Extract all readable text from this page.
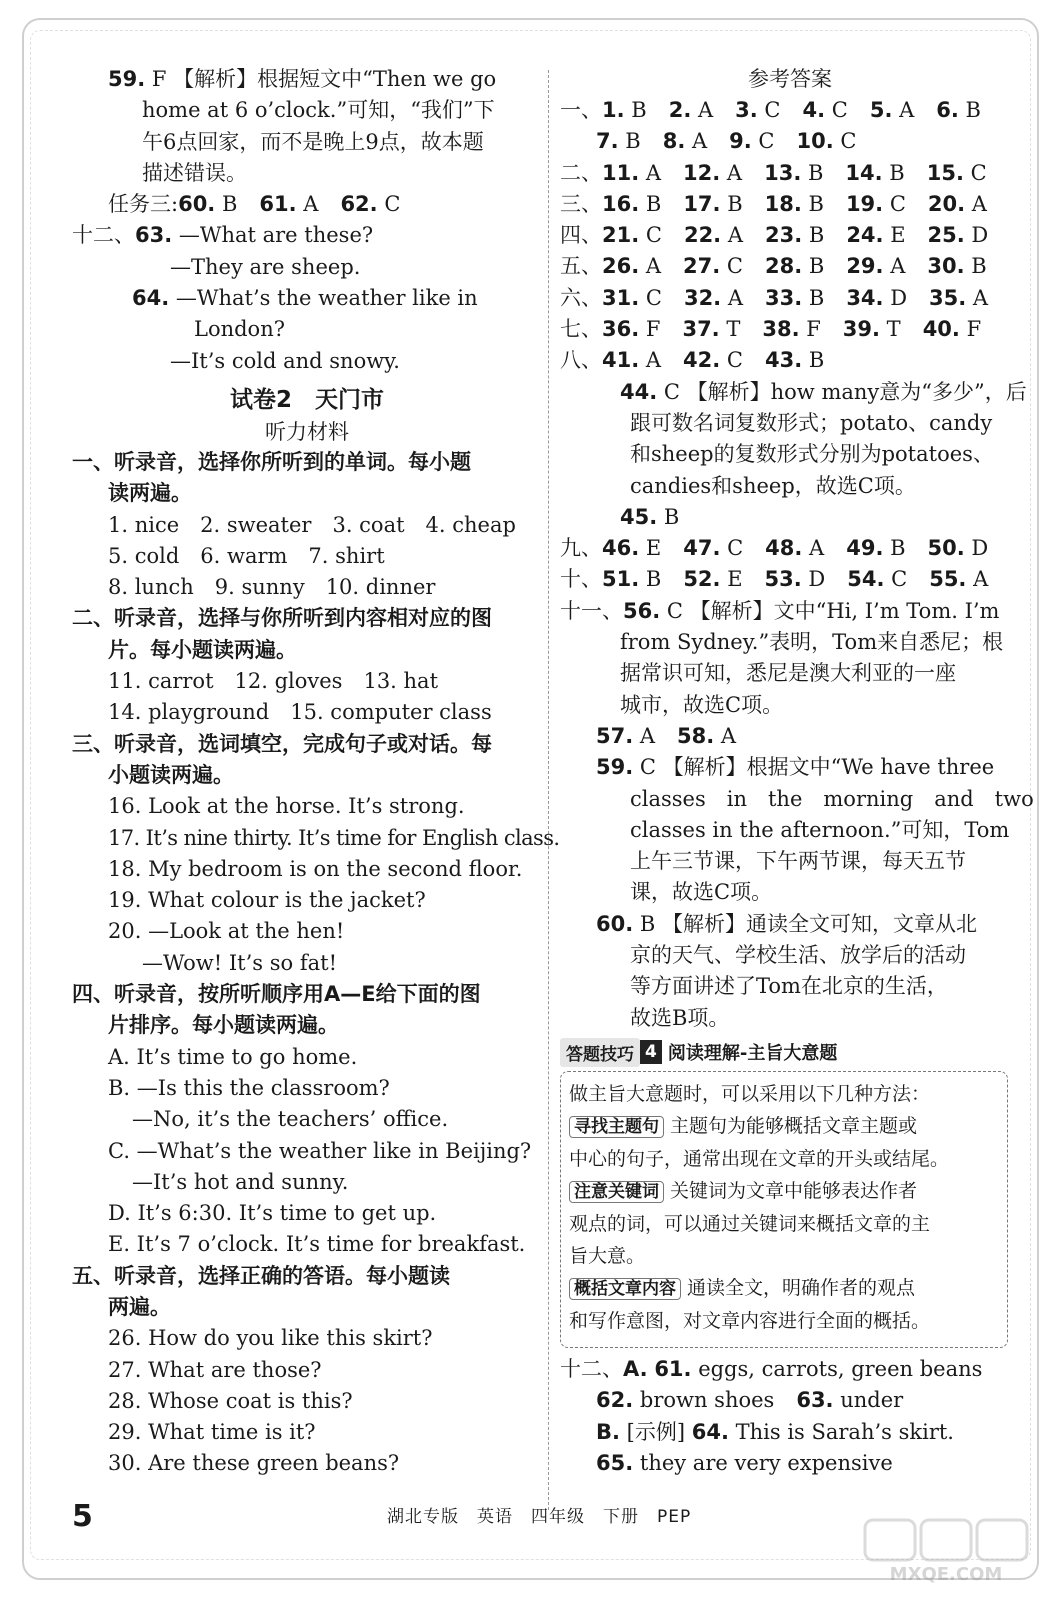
59. F 【解析】根据短文中“Then we go
home at 6 o’clock.”可知，“我们”下
午6点回家，而不是晚上9点，故本题
描述错误。
任务三:60. B 61. A 62. C
十二、63. —What are these?
—They are sheep.
64. —What’s the weather like in
London?
—It’s cold and snowy.
试卷2　天门市
听力材料
一、听录音，选择你所听到的单词。每小题
读两遍。
1. nice　2. sweater　3. coat　4. cheap
5. cold　6. warm　7. shirt
8. lunch　9. sunny　10. dinner
二、听录音，选择与你所听到内容相对应的图
片。每小题读两遍。
11. carrot　12. gloves　13. hat
14. playground　15. computer class
三、听录音，选词填空，完成句子或对话。每
小题读两遍。
16. Look at the horse. It’s strong.
17. It’s nine thirty. It’s time for English class.
18. My bedroom is on the second floor.
19. What colour is the jacket?
20. —Look at the hen!
—Wow! It’s so fat!
四、听录音，按所听顺序用A—E给下面的图
片排序。每小题读两遍。
A. It’s time to go home.
B. —Is this the classroom?
—No, it’s the teachers’ office.
C. —What’s the weather like in Beijing?
—It’s hot and sunny.
D. It’s 6:30. It’s time to get up.
E. It’s 7 o’clock. It’s time for breakfast.
五、听录音，选择正确的答语。每小题读
两遍。
26. How do you like this skirt?
27. What are those?
28. Whose coat is this?
29. What time is it?
30. Are these green beans?
参考答案
一、1. B 2. A 3. C 4. C 5. A 6. B
7. B 8. A 9. C 10. C
二、11. A 12. A 13. B 14. B 15. C
三、16. B 17. B 18. B 19. C 20. A
四、21. C 22. A 23. B 24. E 25. D
五、26. A 27. C 28. B 29. A 30. B
六、31. C 32. A 33. B 34. D 35. A
七、36. F 37. T 38. F 39. T 40. F
八、41. A 42. C 43. B
44. C 【解析】how many意为“多少”，后
跟可数名词复数形式；potato、candy
和sheep的复数形式分别为potatoes、
candies和sheep，故选C项。
45. B
九、46. E 47. C 48. A 49. B 50. D
十、51. B 52. E 53. D 54. C 55. A
十一、56. C 【解析】文中“Hi, I’m Tom. I’m
from Sydney.”表明，Tom来自悉尼；根
据常识可知，悉尼是澳大利亚的一座
城市，故选C项。
57. A 58. A
59. C 【解析】根据文中“We have three
classes　in　the　morning　and　two
classes in the afternoon.”可知，Tom
上午三节课，下午两节课，每天五节
课，故选C项。
60. B 【解析】通读全文可知，文章从北
京的天气、学校生活、放学后的活动
等方面讲述了Tom在北京的生活，
故选B项。
答题技巧 4 阅读理解-主旨大意题
做主旨大意题时，可以采用以下几种方法：
寻找主题句 主题句为能够概括文章主题或
中心的句子，通常出现在文章的开头或结尾。
注意关键词 关键词为文章中能够表达作者
观点的词，可以通过关键词来概括文章的主
旨大意。
概括文章内容 通读全文，明确作者的观点
和写作意图，对文章内容进行全面的概括。
十二、A. 61. eggs, carrots, green beans
62. brown shoes 63. under
B. [示例] 64. This is Sarah’s skirt.
65. they are very expensive
5	湖北专版　英语　四年级　下册　PEP
MXQE.COM
